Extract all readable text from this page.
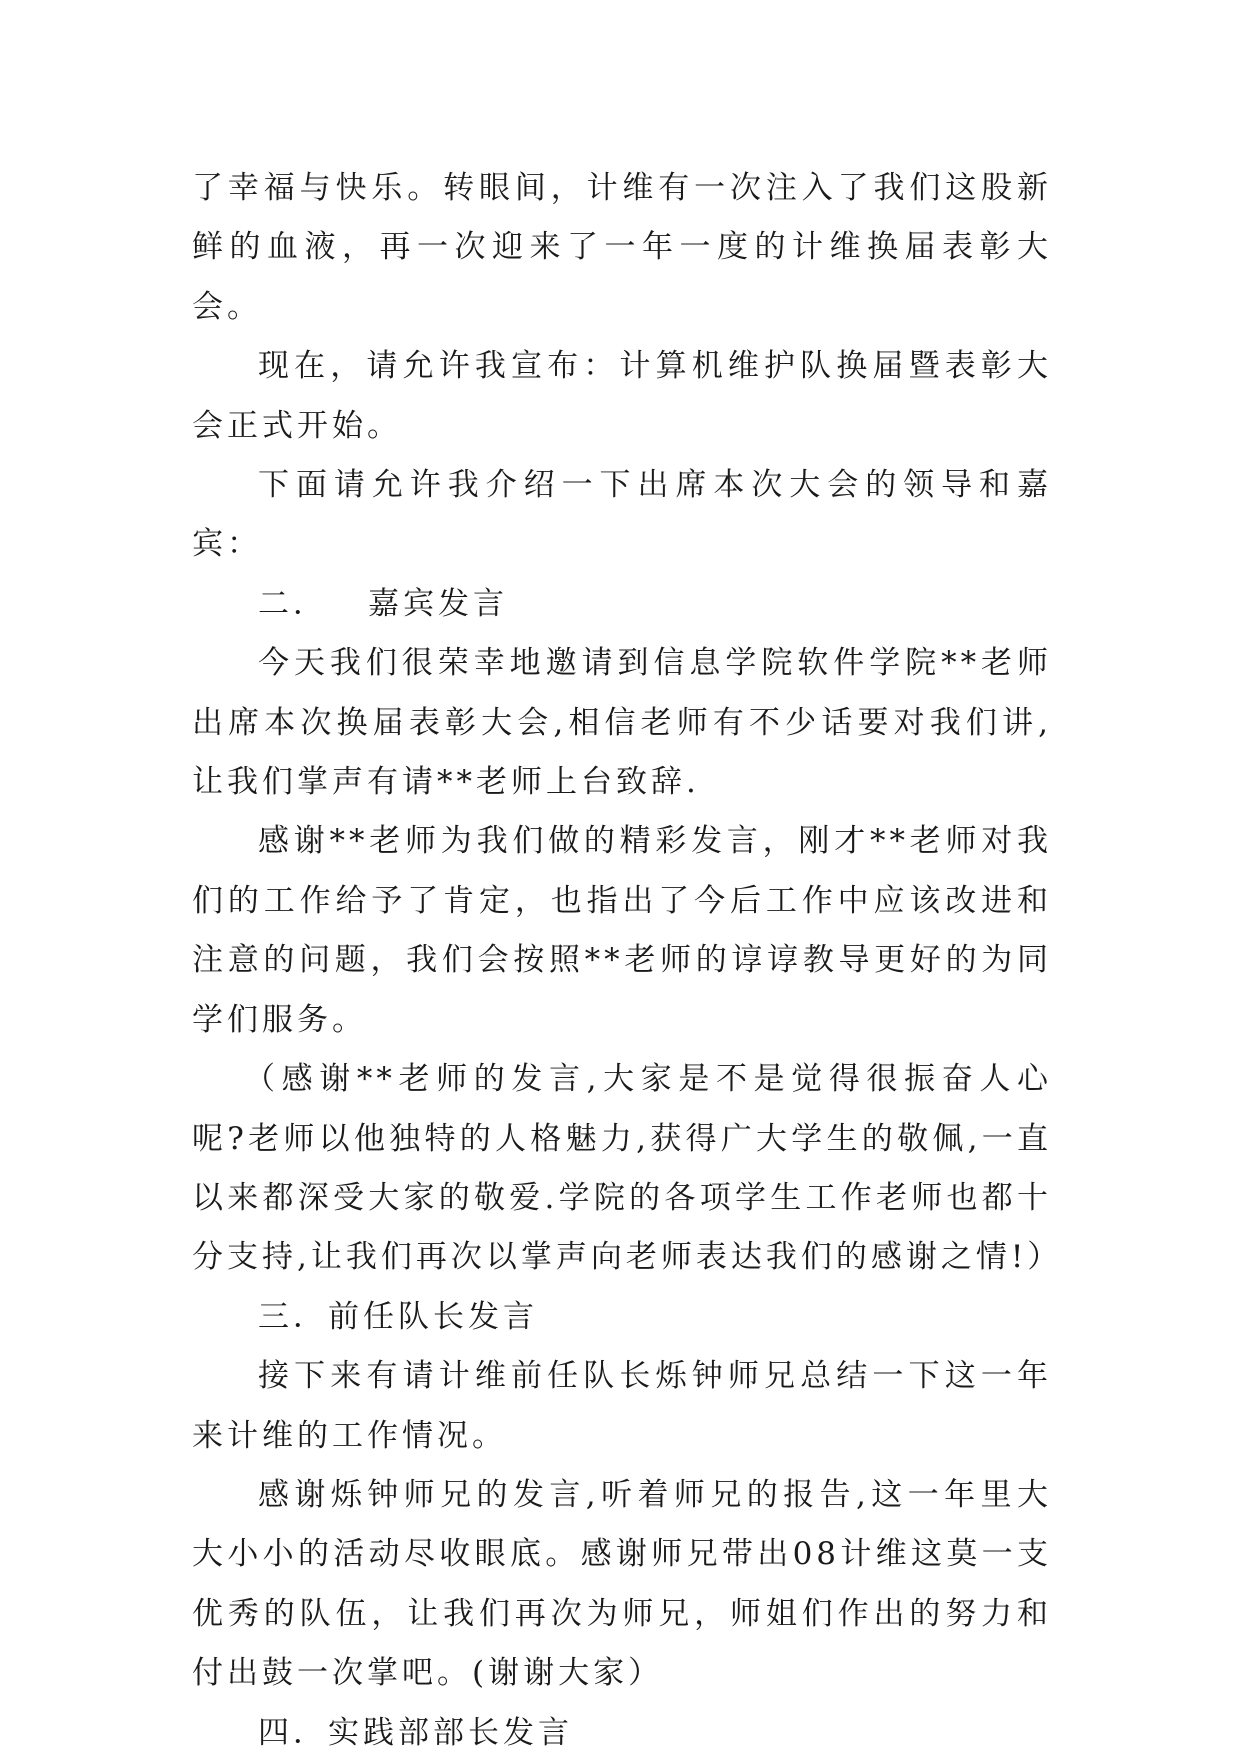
了幸福与快乐。转眼间，计维有一次注入了我们这股新鲜的血液，再一次迎来了一年一度的计维换届表彰大会。

现在，请允许我宣布：计算机维护队换届暨表彰大会正式开始。

下面请允许我介绍一下出席本次大会的领导和嘉宾：

二． 嘉宾发言

今天我们很荣幸地邀请到信息学院软件学院**老师出席本次换届表彰大会,相信老师有不少话要对我们讲,让我们掌声有请**老师上台致辞.

感谢**老师为我们做的精彩发言，刚才**老师对我们的工作给予了肯定，也指出了今后工作中应该改进和注意的问题，我们会按照**老师的谆谆教导更好的为同学们服务。

（感谢**老师的发言,大家是不是觉得很振奋人心呢?老师以他独特的人格魅力,获得广大学生的敬佩,一直以来都深受大家的敬爱.学院的各项学生工作老师也都十分支持,让我们再次以掌声向老师表达我们的感谢之情!）

三．前任队长发言

接下来有请计维前任队长烁钟师兄总结一下这一年来计维的工作情况。

感谢烁钟师兄的发言,听着师兄的报告,这一年里大大小小的活动尽收眼底。感谢师兄带出08计维这莫一支优秀的队伍，让我们再次为师兄，师姐们作出的努力和付出鼓一次掌吧。(谢谢大家）

四．实践部部长发言
